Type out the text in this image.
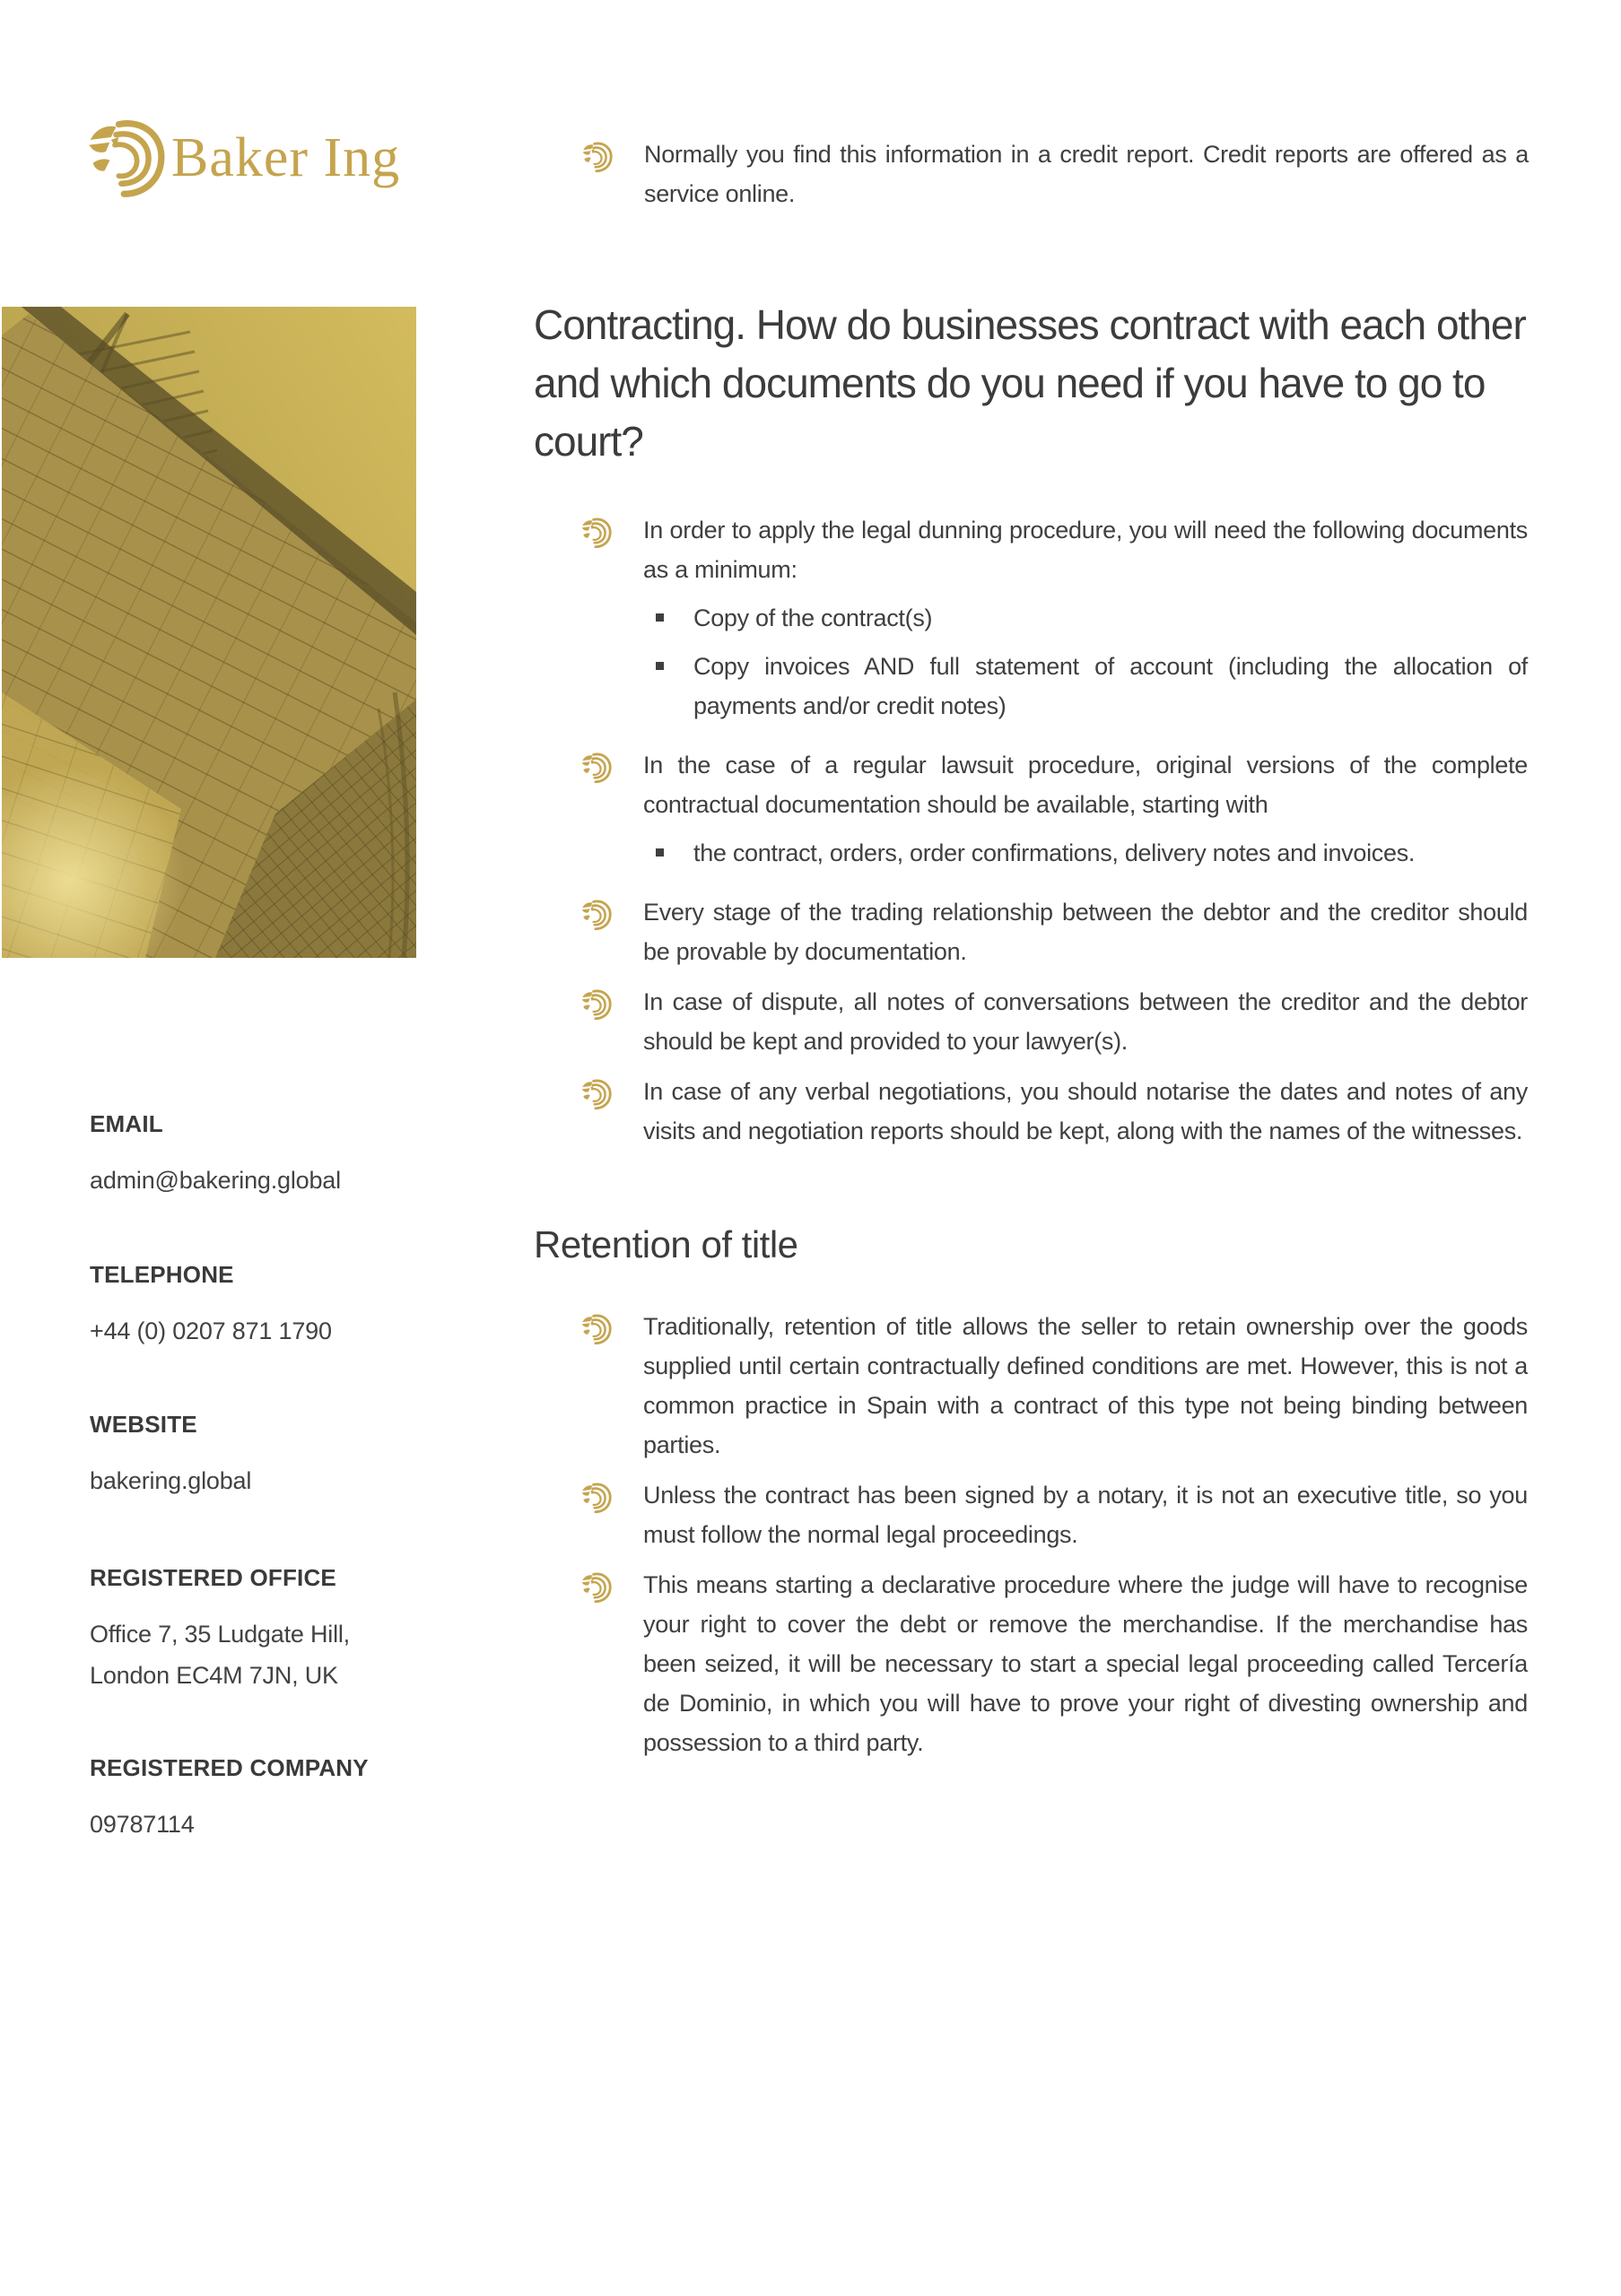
Baker Ing	Normally you find this information in a credit report. Credit reports are offered as a service online.

EMAIL
admin@bakering.global
TELEPHONE
+44 (0) 0207 871 1790
WEBSITE
bakering.global
REGISTERED OFFICE
Office 7, 35 Ludgate Hill,
London EC4M 7JN, UK
REGISTERED COMPANY
09787114
Contracting. How do businesses contract with each other and which documents do you need if you have to go to court?

In order to apply the legal dunning procedure, you will need the following documents as a minimum:

Copy of the contract(s)

Copy invoices AND full statement of account (including the allocation of payments and/or credit notes)

In the case of a regular lawsuit procedure, original versions of the complete contractual documentation should be available, starting with

the contract, orders, order confirmations, delivery notes and invoices.

Every stage of the trading relationship between the debtor and the creditor should be provable by documentation.

In case of dispute, all notes of conversations between the creditor and the debtor should be kept and provided to your lawyer(s).

In case of any verbal negotiations, you should notarise the dates and notes of any visits and negotiation reports should be kept, along with the names of the witnesses.

Retention of title

Traditionally, retention of title allows the seller to retain ownership over the goods supplied until certain contractually defined conditions are met. However, this is not a common practice in Spain with a contract of this type not being binding between parties.

Unless the contract has been signed by a notary, it is not an executive title, so you must follow the normal legal proceedings.

This means starting a declarative procedure where the judge will have to recognise your right to cover the debt or remove the merchandise. If the merchandise has been seized, it will be necessary to start a special legal proceeding called Tercería de Dominio, in which you will have to prove your right of divesting ownership and possession to a third party.
